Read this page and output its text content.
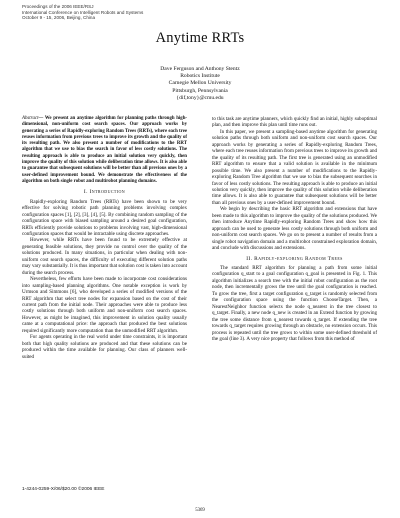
Proceedings of the 2006 IEEE/RSJ
International Conference on Intelligent Robots and Systems
October 9 - 15, 2006, Beijing, China
Anytime RRTs
Dave Ferguson and Anthony Stentz
Robotics Institute
Carnegie Mellon University
Pittsburgh, Pennsylvania
{dif,tony}@cmu.edu

Abstract— We present an anytime algorithm for planning paths through high-dimensional, non-uniform cost search spaces. Our approach works by generating a series of Rapidly-exploring Random Trees (RRTs), where each tree reuses information from previous trees to improve its growth and the quality of its resulting path. We also present a number of modifications to the RRT algorithm that we use to bias the search in favor of less costly solutions. The resulting approach is able to produce an initial solution very quickly, then improve the quality of this solution while deliberation time allows. It is also able to guarantee that subsequent solutions will be better than all previous ones by a user-defined improvement bound. We demonstrate the effectiveness of the algorithm on both single robot and multirobot planning domains.

I. Introduction

Rapidly-exploring Random Trees (RRTs) have been shown to be very effective for solving robotic path planning problems involving complex configuration spaces [1], [2], [3], [4], [5]. By combining random sampling of the configuration space with biased sampling around a desired goal configuration, RRTs efficiently provide solutions to problems involving vast, high-dimensional configuration spaces that would be intractable using discrete approaches.

However, while RRTs have been found to be extremely effective at generating feasible solutions, they provide no control over the quality of the solutions produced. In many situations, in particular when dealing with non-uniform cost search spaces, the difficulty of executing different solution paths may vary substantially. It is thus important that solution cost is taken into account during the search process.

Nevertheless, few efforts have been made to incorporate cost considerations into sampling-based planning algorithms. One notable exception is work by Urmson and Simmons [6], who developed a series of modified versions of the RRT algorithm that select tree nodes for expansion based on the cost of their current path from the initial node. Their approaches were able to produce less costly solutions through both uniform and non-uniform cost search spaces. However, as might be imagined, this improvement in solution quality usually came at a computational price: the approach that produced the best solutions required significantly more computation than the unmodified RRT algorithm.

For agents operating in the real world under time constraints, it is important both that high quality solutions are produced and that these solutions can be produced within the time available for planning. Our class of planners well-suited

to this task are anytime planners, which quickly find an initial, highly suboptimal plan, and then improve this plan until time runs out.

In this paper, we present a sampling-based anytime algorithm for generating solution paths through both uniform and non-uniform cost search spaces. Our approach works by generating a series of Rapidly-exploring Random Trees, where each tree reuses information from previous trees to improve its growth and the quality of its resulting path. The first tree is generated using an unmodified RRT algorithm to ensure that a valid solution is available in the minimum possible time. We also present a number of modifications to the Rapidly-exploring Random Tree algorithm that we use to bias the subsequent searches in favor of less costly solutions. The resulting approach is able to produce an initial solution very quickly, then improve the quality of this solution while deliberation time allows. It is also able to guarantee that subsequent solutions will be better than all previous ones by a user-defined improvement bound.

We begin by describing the basic RRT algorithm and extensions that have been made to this algorithm to improve the quality of the solutions produced. We then introduce Anytime Rapidly-exploring Random Trees and show how this approach can be used to generate less costly solutions through both uniform and non-uniform cost search spaces. We go on to present a number of results from a single robot navigation domain and a multirobot constrained exploration domain, and conclude with discussions and extensions.

II. Rapidly-exploring Random Trees

The standard RRT algorithm for planning a path from some initial configuration q_start to a goal configuration q_goal is presented in Fig. 1. This algorithm initializes a search tree with the initial robot configuration as the root node, then incrementally grows the tree until the goal configuration is reached. To grow the tree, first a target configuration q_target is randomly selected from the configuration space using the function ChooseTarget. Then, a NearestNeighbor function selects the node q_nearest in the tree closest to q_target. Finally, a new node q_new is created in an Extend function by growing the tree some distance from q_nearest towards q_target. If extending the tree towards q_target requires growing through an obstacle, no extension occurs. This process is repeated until the tree grows to within some user-defined threshold of the goal (line 3). A very nice property that follows from this method of

1-4244-0259-X/06/$20.00 ©2006 IEEE
5369
